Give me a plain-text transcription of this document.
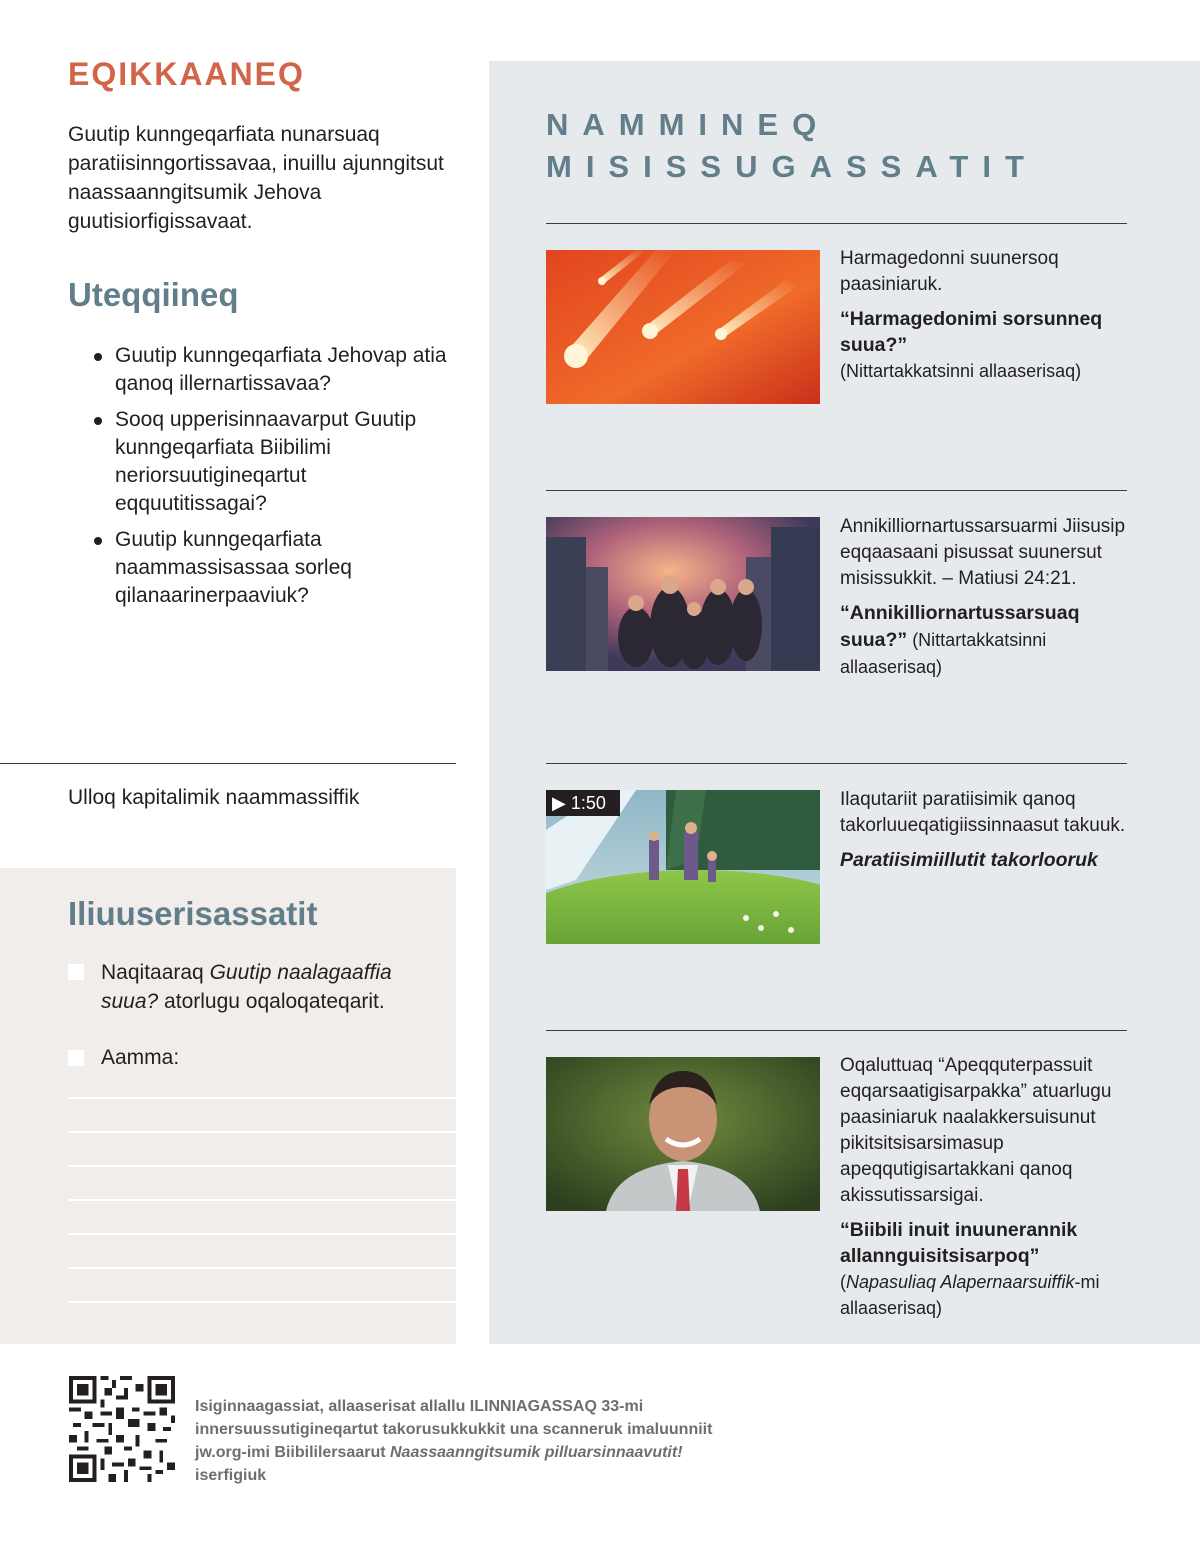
EQIKKAANEQ
Guutip kunngeqarfiata nunarsuaq paratiisinngortissavaa, inuillu ajunngitsut naassaanngitsumik Jehova guutisiorfigissavaat.
Uteqqiineq
Guutip kunngeqarfiata Jehovap atia qanoq illernartissavaa?
Sooq upperisinnaavarput Guutip kunngeqarfiata Biibilimi neriorsuutigineqartut eqquutitissagai?
Guutip kunngeqarfiata naammassisassaa sorleq qilanaarinerpaaviuk?
Ulloq kapitalimik naammassiffik
Iliuuserisassatit
Naqitaaraq Guutip naalagaaffia suua? atorlugu oqaloqateqarit.
Aamma:
NAMMINEQ
MISISSUGASSATIT

Harmagedonni suunersoq paasiniaruk.

“Harmagedonimi sorsunneq suua?”
(Nittartakkatsinni allaaserisaq)

Annikilliornartussarsuarmi Jiisusip eqqaasaani pisussat suunersut misissukkit. – Matiusi 24:21.

“Annikilliornartussarsuaq suua?” (Nittartakkatsinni allaaserisaq)
▶ 1:50	Ilaqutariit paratiisimik qanoq takorluueqatigiissinnaasut takuuk.

Paratiisimiillutit takorlooruk

Oqaluttuaq “Apeqquterpassuit eqqarsaatigisarpakka” atuarlugu paasiniaruk naalakkersuisunut pikitsitsisarsimasup apeqqutigisartakkani qanoq akissutissarsigai.

“Biibili inuit inuunerannik allannguisitsisarpoq”
(Napasuliaq Alapernaarsuiffik-mi allaaserisaq)
Isiginnaagassiat, allaaserisat allallu ILINNIAGASSAQ 33-mi innersuussutigineqartut takorusukkukkit una scanneruk imaluunniit jw.org-imi Biibililersaarut Naassaanngitsumik pilluarsinnaavutit! iserfigiuk
